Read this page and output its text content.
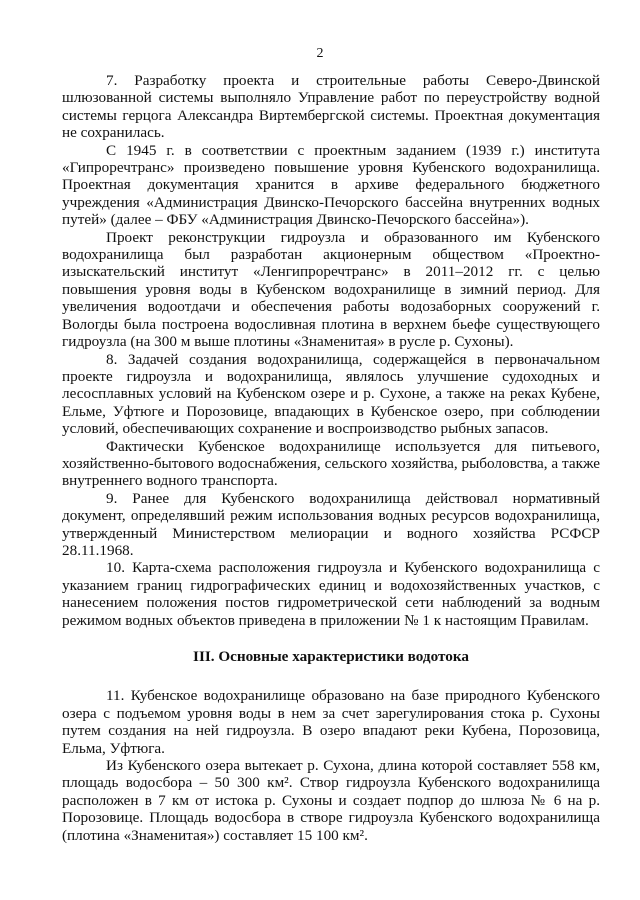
2

7. Разработку проекта и строительные работы Северо-Двинской шлюзованной системы выполняло Управление работ по переустройству водной системы герцога Александра Виртембергской системы. Проектная документация не сохранилась.

С 1945 г. в соответствии с проектным заданием (1939 г.) института «Гипроречтранс» произведено повышение уровня Кубенского водохранилища. Проектная документация хранится в архиве федерального бюджетного учреждения «Администрация Двинско-Печорского бассейна внутренних водных путей» (далее – ФБУ «Администрация Двинско-Печорского бассейна»).

Проект реконструкции гидроузла и образованного им Кубенского водохранилища был разработан акционерным обществом «Проектно-изыскательский институт «Ленгипроречтранс» в 2011–2012 гг. с целью повышения уровня воды в Кубенском водохранилище в зимний период. Для увеличения водоотдачи и обеспечения работы водозаборных сооружений г. Вологды была построена водосливная плотина в верхнем бьефе существующего гидроузла (на 300 м выше плотины «Знаменитая» в русле р. Сухоны).

8. Задачей создания водохранилища, содержащейся в первоначальном проекте гидроузла и водохранилища, являлось улучшение судоходных и лесосплавных условий на Кубенском озере и р. Сухоне, а также на реках Кубене, Ельме, Уфтюге и Порозовице, впадающих в Кубенское озеро, при соблюдении условий, обеспечивающих сохранение и воспроизводство рыбных запасов.

Фактически Кубенское водохранилище используется для питьевого, хозяйственно-бытового водоснабжения, сельского хозяйства, рыболовства, а также внутреннего водного транспорта.

9. Ранее для Кубенского водохранилища действовал нормативный документ, определявший режим использования водных ресурсов водохранилища, утвержденный Министерством мелиорации и водного хозяйства РСФСР 28.11.1968.

10. Карта-схема расположения гидроузла и Кубенского водохранилища с указанием границ гидрографических единиц и водохозяйственных участков, с нанесением положения постов гидрометрической сети наблюдений за водным режимом водных объектов приведена в приложении № 1 к настоящим Правилам.

III. Основные характеристики водотока

11. Кубенское водохранилище образовано на базе природного Кубенского озера с подъемом уровня воды в нем за счет зарегулирования стока р. Сухоны путем создания на ней гидроузла. В озеро впадают реки Кубена, Порозовица, Ельма, Уфтюга.

Из Кубенского озера вытекает р. Сухона, длина которой составляет 558 км, площадь водосбора – 50 300 км². Створ гидроузла Кубенского водохранилища расположен в 7 км от истока р. Сухоны и создает подпор до шлюза № 6 на р. Порозовице. Площадь водосбора в створе гидроузла Кубенского водохранилища (плотина «Знаменитая») составляет 15 100 км².
